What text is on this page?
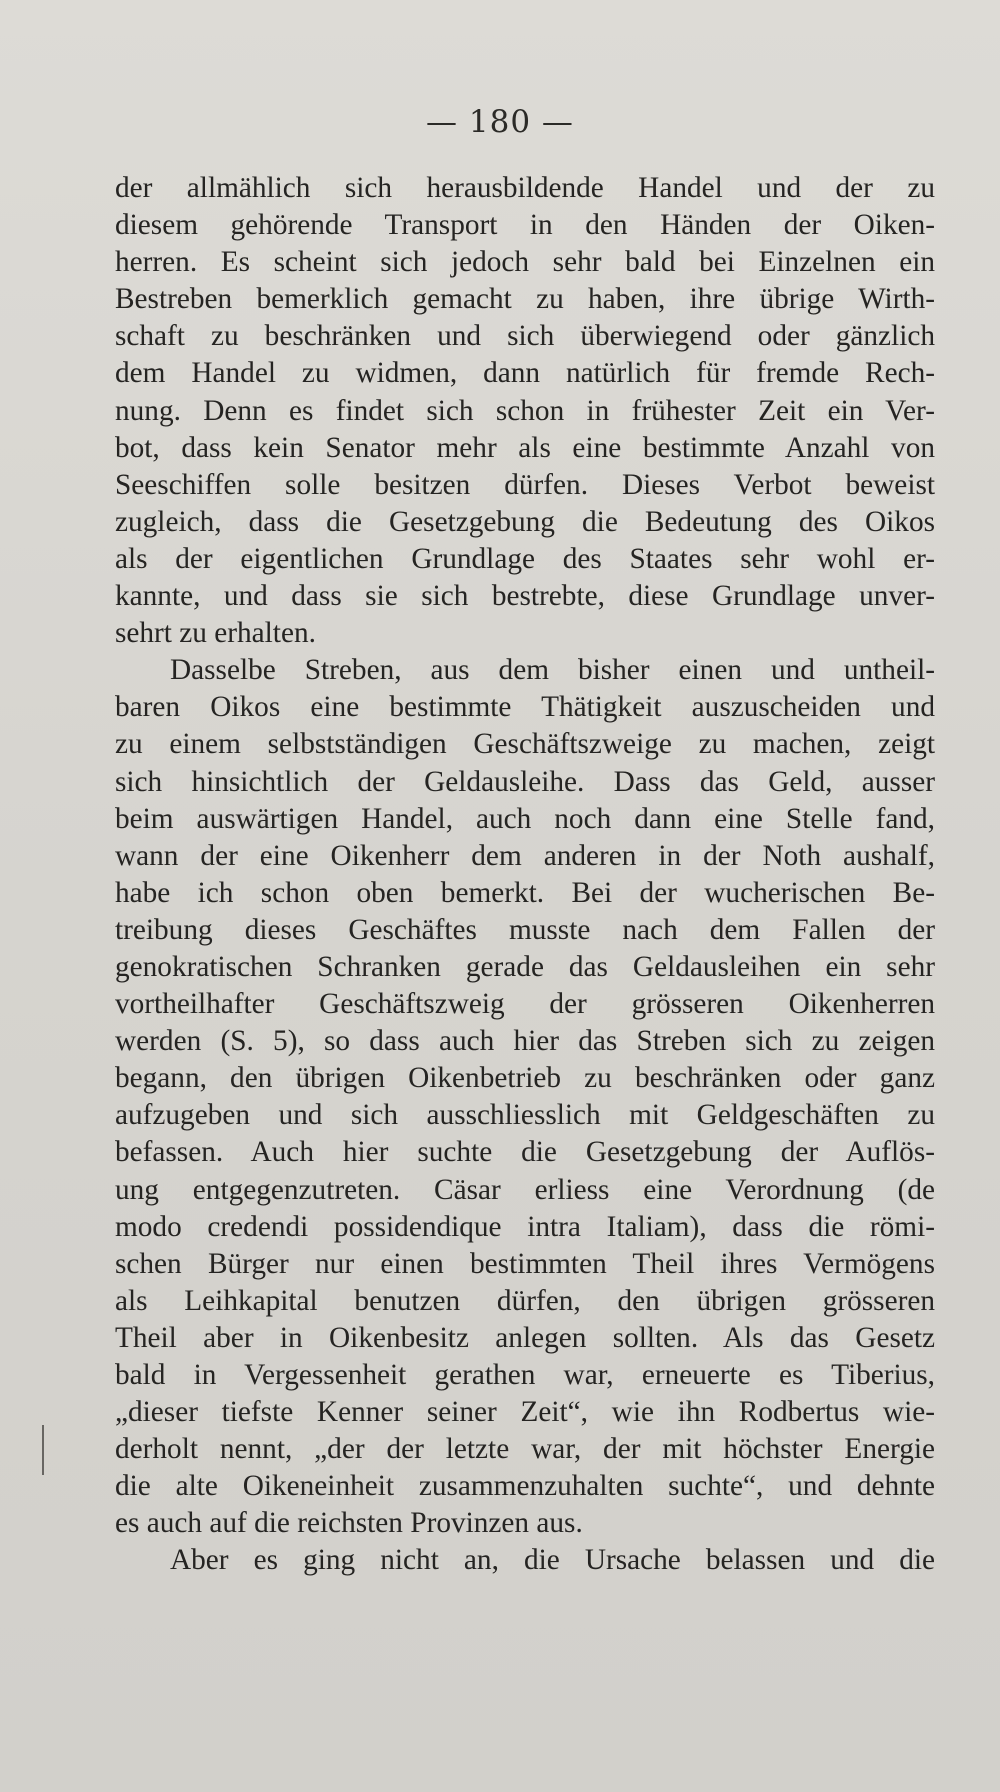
— 180 —
der allmählich sich herausbildende Handel und der zu
diesem gehörende Transport in den Händen der Oiken-
herren. Es scheint sich jedoch sehr bald bei Einzelnen ein
Bestreben bemerklich gemacht zu haben, ihre übrige Wirth-
schaft zu beschränken und sich überwiegend oder gänzlich
dem Handel zu widmen, dann natürlich für fremde Rech-
nung. Denn es findet sich schon in frühester Zeit ein Ver-
bot, dass kein Senator mehr als eine bestimmte Anzahl von
Seeschiffen solle besitzen dürfen. Dieses Verbot beweist
zugleich, dass die Gesetzgebung die Bedeutung des Oikos
als der eigentlichen Grundlage des Staates sehr wohl er-
kannte, und dass sie sich bestrebte, diese Grundlage unver-
sehrt zu erhalten.
Dasselbe Streben, aus dem bisher einen und untheil-
baren Oikos eine bestimmte Thätigkeit auszuscheiden und
zu einem selbstständigen Geschäftszweige zu machen, zeigt
sich hinsichtlich der Geldausleihe. Dass das Geld, ausser
beim auswärtigen Handel, auch noch dann eine Stelle fand,
wann der eine Oikenherr dem anderen in der Noth aushalf,
habe ich schon oben bemerkt. Bei der wucherischen Be-
treibung dieses Geschäftes musste nach dem Fallen der
genokratischen Schranken gerade das Geldausleihen ein sehr
vortheilhafter Geschäftszweig der grösseren Oikenherren
werden (S. 5), so dass auch hier das Streben sich zu zeigen
begann, den übrigen Oikenbetrieb zu beschränken oder ganz
aufzugeben und sich ausschliesslich mit Geldgeschäften zu
befassen. Auch hier suchte die Gesetzgebung der Auflös-
ung entgegenzutreten. Cäsar erliess eine Verordnung (de
modo credendi possidendique intra Italiam), dass die römi-
schen Bürger nur einen bestimmten Theil ihres Vermögens
als Leihkapital benutzen dürfen, den übrigen grösseren
Theil aber in Oikenbesitz anlegen sollten. Als das Gesetz
bald in Vergessenheit gerathen war, erneuerte es Tiberius,
„dieser tiefste Kenner seiner Zeit“, wie ihn Rodbertus wie-
derholt nennt, „der der letzte war, der mit höchster Energie
die alte Oikeneinheit zusammenzuhalten suchte“, und dehnte
es auch auf die reichsten Provinzen aus.
Aber es ging nicht an, die Ursache belassen und die
